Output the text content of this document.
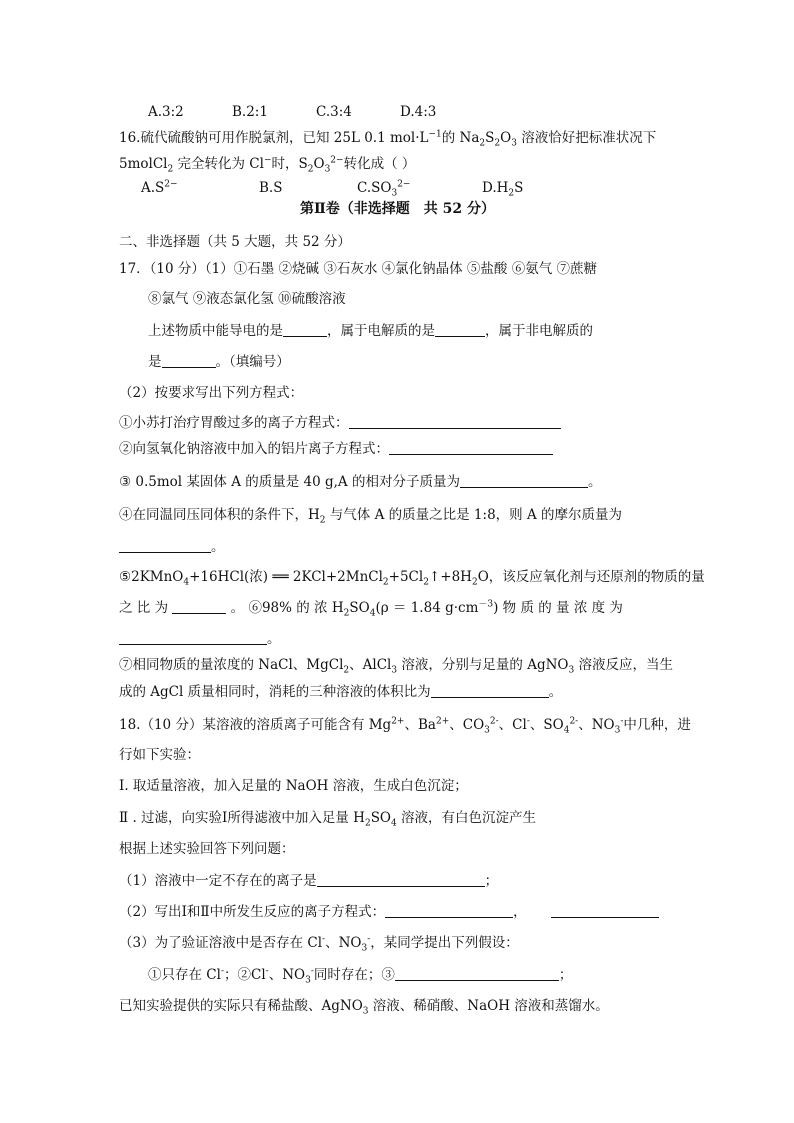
A.3:2	B.2:1	C.3:4	D.4:3
16.硫代硫酸钠可用作脱氯剂，已知 25L 0.1 $mol\cdot L^{-1}$的 $Na_2S_2O_3$ 溶液恰好把标准状况下
5molCl$_2$ 完全转化为 Cl−时，$S_2O_3^{2-}$转化成（ ）
$A.S^{2-}$	B.S	$C.SO_3^{2-}$	$D.H_2S$
第Ⅱ卷（非选择题　共 52 分）
二、非选择题（共 5 大题，共 52 分）
17．（10 分）（1）①石墨 ②烧碱 ③石灰水 ④氯化钠晶体 ⑤盐酸 ⑥氨气 ⑦蔗糖
⑧氯气 ⑨液态氯化氢 ⑩硫酸溶液
上述物质中能导电的是	，属于电解质的是	，属于非电解质的
是	。（填编号）
（2）按要求写出下列方程式：
①小苏打治疗胃酸过多的离子方程式：
②向氢氧化钠溶液中加入的铝片离子方程式：
③ 0.5mol 某固体 A 的质量是 40 g,A 的相对分子质量为	。
④在同温同压同体积的条件下，$H_2$ 与气体 A 的质量之比是 1:8，则 A 的摩尔质量为
。
⑤2KMnO$_4$+16HCl(浓) ══ $2KCl+2MnCl_2+5Cl_2↑+8H_2O$，该反应氧化剂与还原剂的物质的量
之 比 为	。 ⑥98% 的 浓 $H_2SO_4(\rho = 1.84$ $g\cdot cm^{-3}$) 物 质 的 量 浓 度 为
。
⑦相同物质的量浓度的 NaCl、MgCl$_2$、AlCl$_3$ 溶液，分别与足量的 AgNO$_3$ 溶液反应，当生
成的 AgCl 质量相同时，消耗的三种溶液的体积比为	。
18.（10 分）某溶液的溶质离子可能含有 $Mg^{2+}$、$Ba^{2+}$、$CO_3^{2-}$、Cl-、$SO_4^{2-}$、$NO_3^-$中几种，进
行如下实验：
Ⅰ. 取适量溶液，加入足量的 NaOH 溶液，生成白色沉淀；
Ⅱ . 过滤，向实验Ⅰ所得滤液中加入足量 $H_2SO_4$ 溶液，有白色沉淀产生
根据上述实验回答下列问题：
（1）溶液中一定不存在的离子是	；
（2）写出Ⅰ和Ⅱ中所发生反应的离子方程式：	，
（3）为了验证溶液中是否存在 Cl-、$NO_3^-$，某同学提出下列假设：
①只存在 Cl-；②Cl-、$NO_3^-$同时存在；③	；
已知实验提供的实际只有稀盐酸、AgNO$_3$ 溶液、稀硝酸、NaOH 溶液和蒸馏水。
